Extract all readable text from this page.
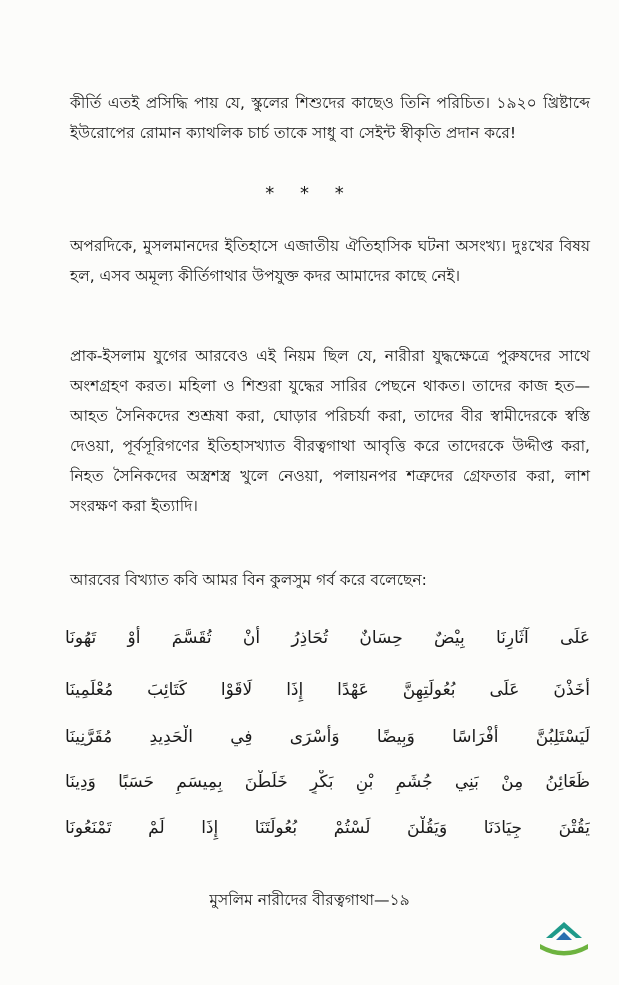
কীর্তি এতই প্রসিদ্ধি পায় যে, স্কুলের শিশুদের কাছেও তিনি পরিচিত। ১৯২০ খ্রিষ্টাব্দে ইউরোপের রোমান ক্যাথলিক চার্চ তাকে সাধু বা সেইন্ট স্বীকৃতি প্রদান করে!

* * *

অপরদিকে, মুসলমানদের ইতিহাসে এজাতীয় ঐতিহাসিক ঘটনা অসংখ্য। দুঃখের বিষয় হল, এসব অমূল্য কীর্তিগাথার উপযুক্ত কদর আমাদের কাছে নেই।

প্রাক-ইসলাম যুগের আরবেও এই নিয়ম ছিল যে, নারীরা যুদ্ধক্ষেত্রে পুরুষদের সাথে অংশগ্রহণ করত। মহিলা ও শিশুরা যুদ্ধের সারির পেছনে থাকত। তাদের কাজ হত—আহত সৈনিকদের শুশ্রূষা করা, ঘোড়ার পরিচর্যা করা, তাদের বীর স্বামীদেরকে স্বস্তি দেওয়া, পূর্বসূরিগণের ইতিহাসখ্যাত বীরত্বগাথা আবৃত্তি করে তাদেরকে উদ্দীপ্ত করা, নিহত সৈনিকদের অস্ত্রশস্ত্র খুলে নেওয়া, পলায়নপর শত্রুদের গ্রেফতার করা, লাশ সংরক্ষণ করা ইত্যাদি।

আরবের বিখ্যাত কবি আমর বিন কুলসুম গর্ব করে বলেছেন:

عَلَى آثَارِنَا بِيْضٌ حِسَانٌ تُحَاذِرُ أَنْ تُقَسَّمَ أَوْ تَهُونَا

أَخَذْنَ عَلَى بُعُولَتِهِنَّ عَهْدًا إِذَا لَاقَوْا كَتَائِبَ مُعْلَمِينَا

لَيَسْتَلِبُنَّ أَفْرَاسًا وَبِيضًا وَأَسْرَى فِي الْحَدِيدِ مُقَرَّنِينَا

ظَعَائِنُ مِنْ بَنِي جُشَمِ بْنِ بَكْرٍ خَلَطْنَ بِمِيسَمٍ حَسَبًا وَدِينَا

يَقُتْنَ جِيَادَنَا وَيَقُلْنَ لَسْتُمْ بُعُولَتَنَا إِذَا لَمْ تَمْنَعُونَا

মুসলিম নারীদের বীরত্বগাথা—১৯
